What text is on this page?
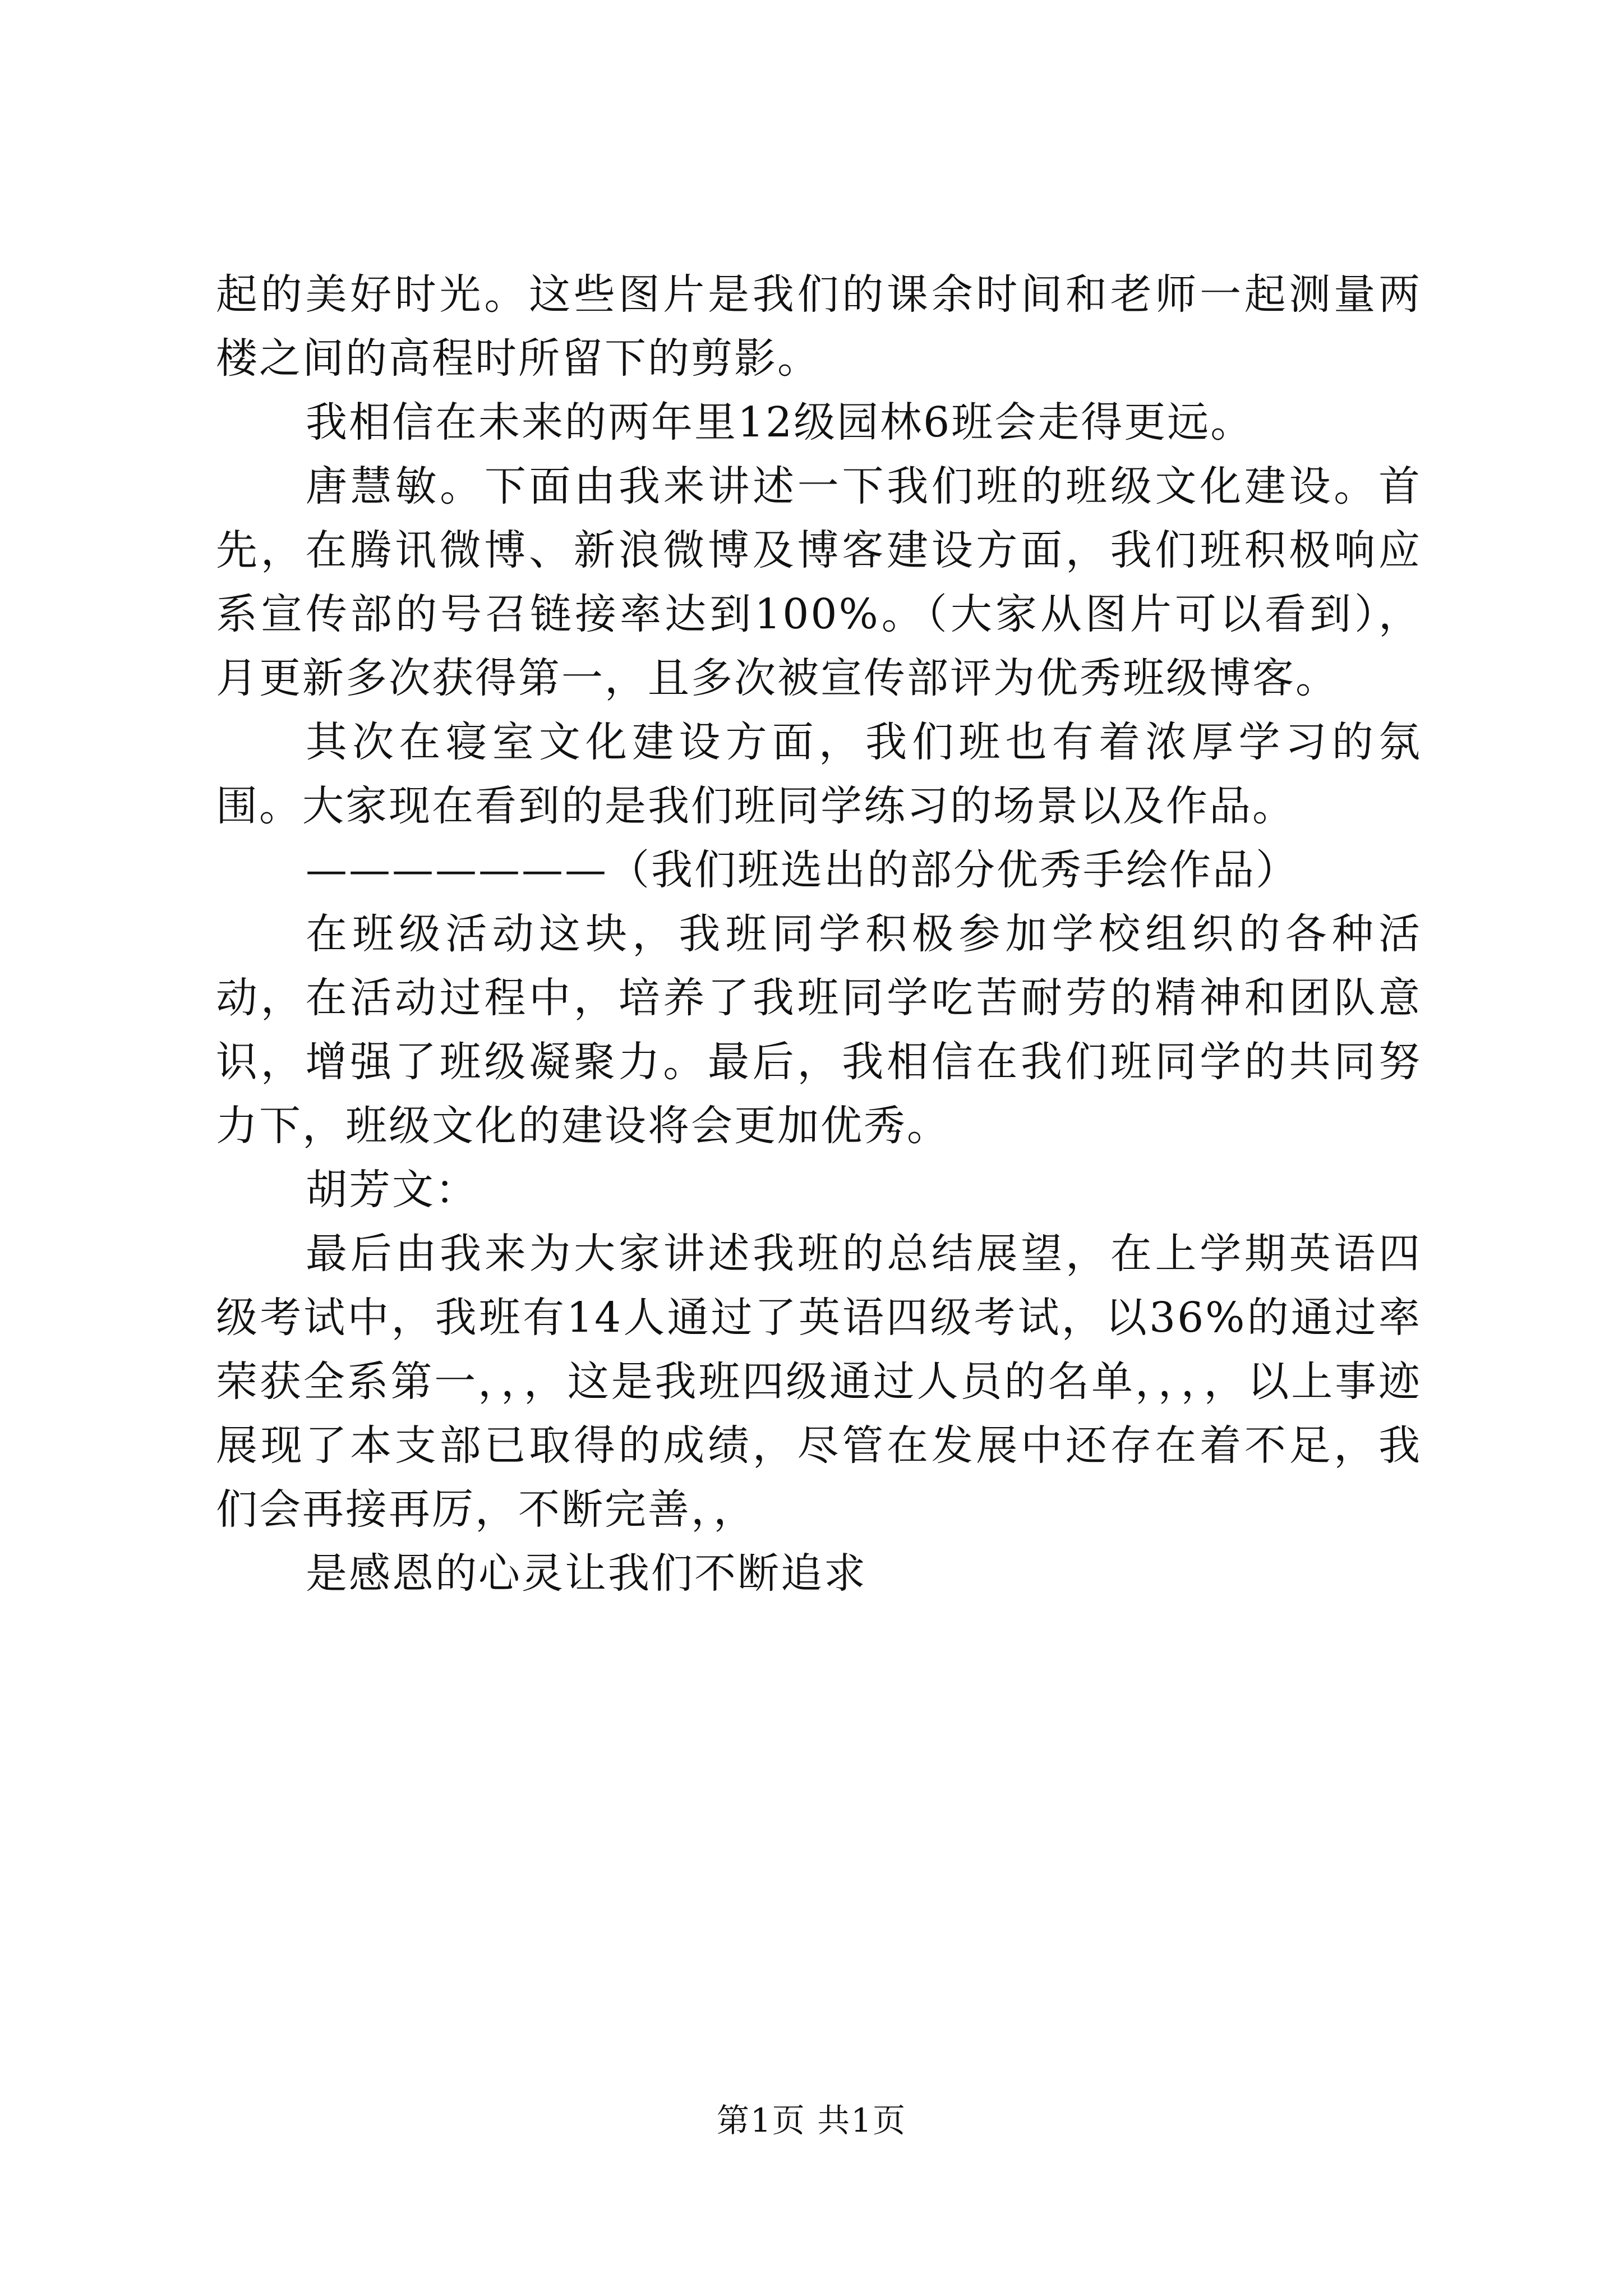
起的美好时光。这些图片是我们的课余时间和老师一起测量两楼之间的高程时所留下的剪影。

我相信在未来的两年里12级园林6班会走得更远。

唐慧敏。下面由我来讲述一下我们班的班级文化建设。首先，在腾讯微博、新浪微博及博客建设方面，我们班积极响应系宣传部的号召链接率达到100%。（大家从图片可以看到），月更新多次获得第一，且多次被宣传部评为优秀班级博客。

其次在寝室文化建设方面，我们班也有着浓厚学习的氛围。大家现在看到的是我们班同学练习的场景以及作品。

———————（我们班选出的部分优秀手绘作品）

在班级活动这块，我班同学积极参加学校组织的各种活动，在活动过程中，培养了我班同学吃苦耐劳的精神和团队意识，增强了班级凝聚力。最后，我相信在我们班同学的共同努力下，班级文化的建设将会更加优秀。

胡芳文：

最后由我来为大家讲述我班的总结展望，在上学期英语四级考试中，我班有14人通过了英语四级考试，以36%的通过率荣获全系第一，，，这是我班四级通过人员的名单，，，，以上事迹展现了本支部已取得的成绩，尽管在发展中还存在着不足，我们会再接再厉，不断完善，，

是感恩的心灵让我们不断追求

第1页 共1页
